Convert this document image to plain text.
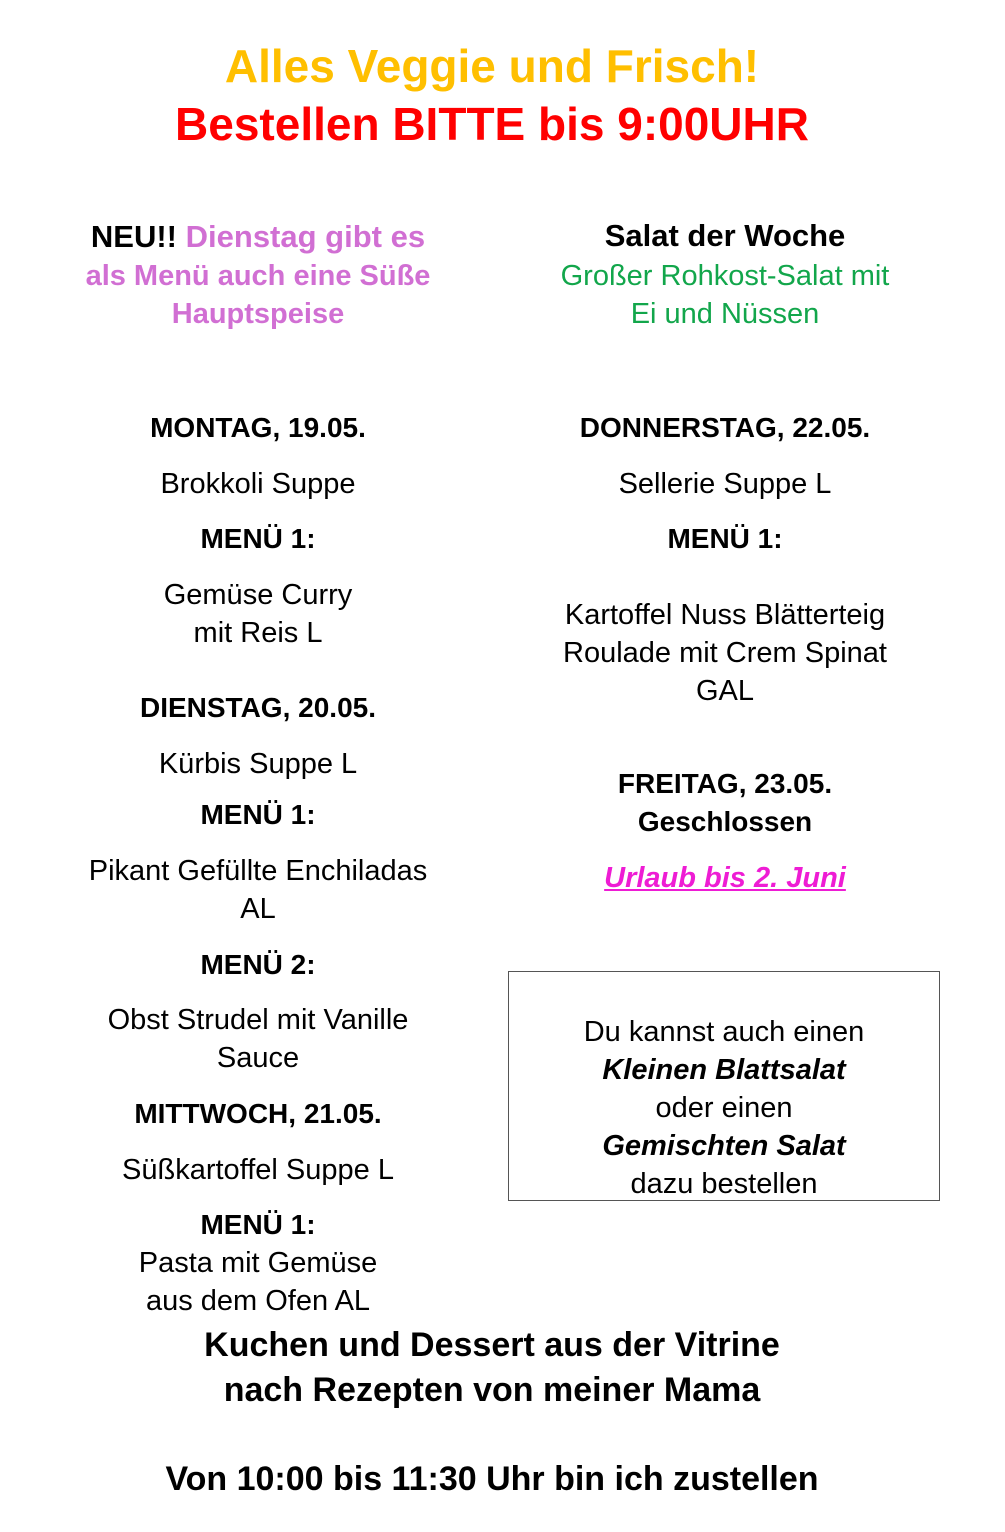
Alles Veggie und Frisch!
Bestellen BITTE bis 9:00UHR
NEU!! Dienstag gibt es
als Menü auch eine Süße
Hauptspeise
Salat der Woche
Großer Rohkost-Salat mit
Ei und Nüssen
MONTAG, 19.05.
Brokkoli Suppe
MENÜ 1:
Gemüse Curry
mit Reis L
DIENSTAG, 20.05.
Kürbis Suppe L
MENÜ 1:
Pikant Gefüllte Enchiladas
AL
MENÜ 2:
Obst Strudel mit Vanille
Sauce
MITTWOCH, 21.05.
Süßkartoffel Suppe L
MENÜ 1:
Pasta mit Gemüse
aus dem Ofen AL
DONNERSTAG, 22.05.
Sellerie Suppe L
MENÜ 1:
Kartoffel Nuss Blätterteig
Roulade mit Crem Spinat
GAL
FREITAG, 23.05.
Geschlossen
Urlaub bis 2. Juni
Du kannst auch einen
Kleinen Blattsalat
oder einen
Gemischten Salat
dazu bestellen
Kuchen und Dessert aus der Vitrine
nach Rezepten von meiner Mama
Von 10:00 bis 11:30 Uhr bin ich zustellen
